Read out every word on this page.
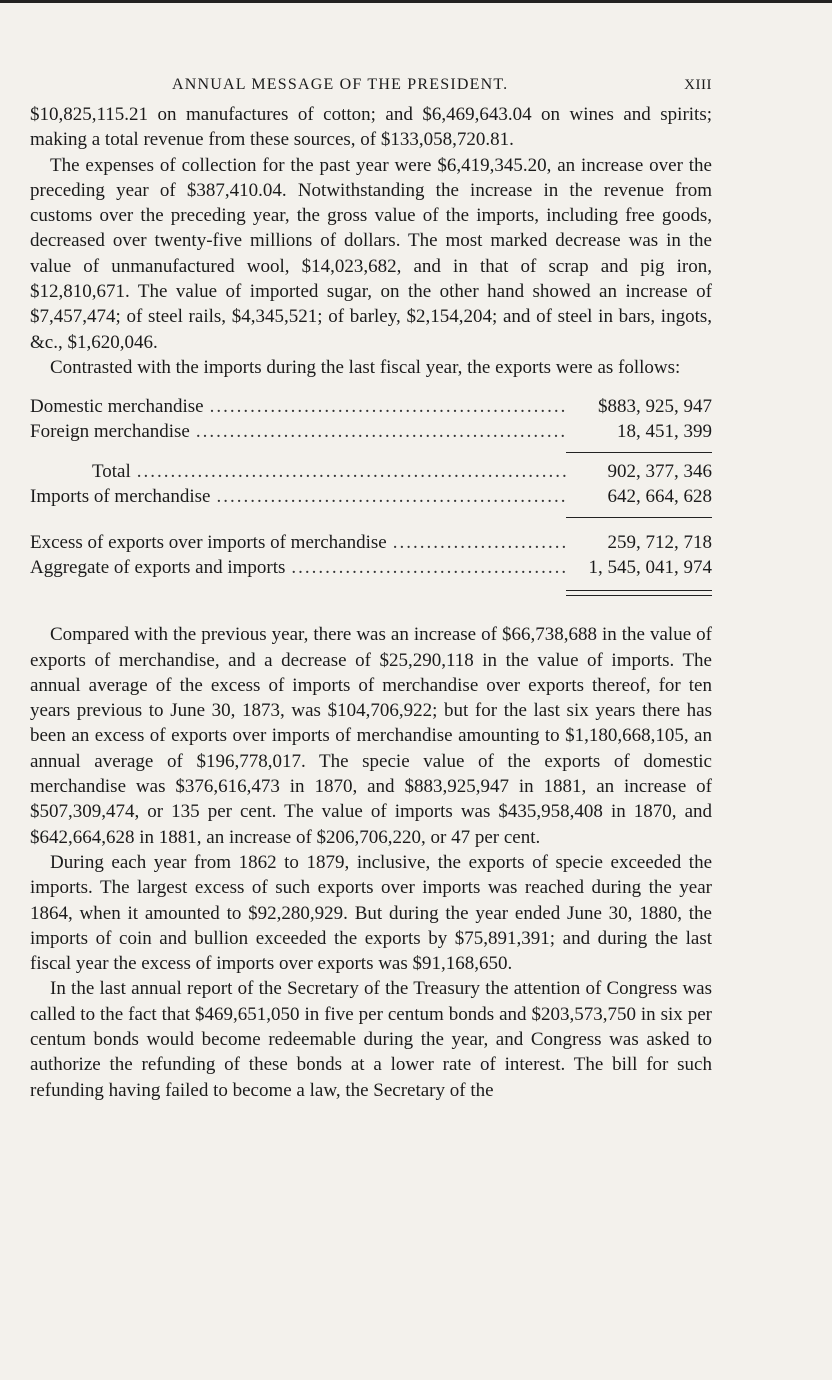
ANNUAL MESSAGE OF THE PRESIDENT.	XIII

$10,825,115.21 on manufactures of cotton; and $6,469,643.04 on wines and spirits; making a total revenue from these sources, of $133,058,720.81.

The expenses of collection for the past year were $6,419,345.20, an increase over the preceding year of $387,410.04. Notwithstanding the increase in the revenue from customs over the preceding year, the gross value of the imports, including free goods, decreased over twenty-five millions of dollars. The most marked decrease was in the value of unmanufactured wool, $14,023,682, and in that of scrap and pig iron, $12,810,671. The value of imported sugar, on the other hand showed an increase of $7,457,474; of steel rails, $4,345,521; of barley, $2,154,204; and of steel in bars, ingots, &c., $1,620,046.

Contrasted with the imports during the last fiscal year, the exports were as follows:

Domestic merchandise .....	$883, 925, 947
Foreign merchandise .....	18, 451, 399
Total .....	902, 377, 346
Imports of merchandise .....	642, 664, 628
Excess of exports over imports of merchandise .....	259, 712, 718
Aggregate of exports and imports .....	1, 545, 041, 974

Compared with the previous year, there was an increase of $66,738,688 in the value of exports of merchandise, and a decrease of $25,290,118 in the value of imports. The annual average of the excess of imports of merchandise over exports thereof, for ten years previous to June 30, 1873, was $104,706,922; but for the last six years there has been an excess of exports over imports of merchandise amounting to $1,180,668,105, an annual average of $196,778,017. The specie value of the exports of domestic merchandise was $376,616,473 in 1870, and $883,925,947 in 1881, an increase of $507,309,474, or 135 per cent. The value of imports was $435,958,408 in 1870, and $642,664,628 in 1881, an increase of $206,706,220, or 47 per cent.

During each year from 1862 to 1879, inclusive, the exports of specie exceeded the imports. The largest excess of such exports over imports was reached during the year 1864, when it amounted to $92,280,929. But during the year ended June 30, 1880, the imports of coin and bullion exceeded the exports by $75,891,391; and during the last fiscal year the excess of imports over exports was $91,168,650.

In the last annual report of the Secretary of the Treasury the attention of Congress was called to the fact that $469,651,050 in five per centum bonds and $203,573,750 in six per centum bonds would become redeemable during the year, and Congress was asked to authorize the refunding of these bonds at a lower rate of interest. The bill for such refunding having failed to become a law, the Secretary of the
